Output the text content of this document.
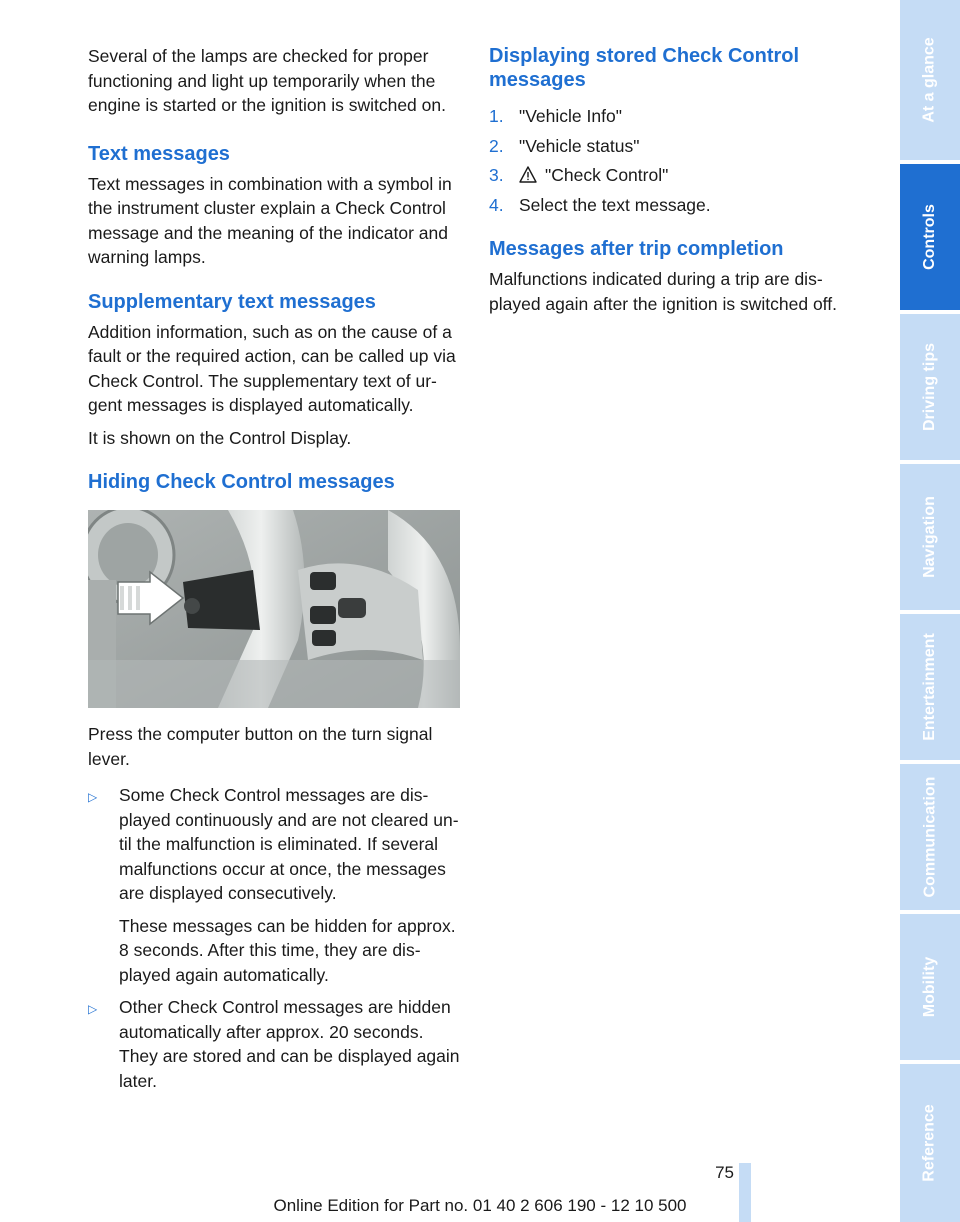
Several of the lamps are checked for proper functioning and light up temporarily when the engine is started or the ignition is switched on.

Text messages

Text messages in combination with a symbol in the instrument cluster explain a Check Control message and the meaning of the indicator and warning lamps.

Supplementary text messages

Addition information, such as on the cause of a fault or the required action, can be called up via Check Control. The supplementary text of ur-gent messages is displayed automatically.

It is shown on the Control Display.

Hiding Check Control messages

Press the computer button on the turn signal lever.

▷ Some Check Control messages are dis-played continuously and are not cleared un-til the malfunction is eliminated. If several malfunctions occur at once, the messages are displayed consecutively.

These messages can be hidden for approx. 8 seconds. After this time, they are dis-played again automatically.

▷ Other Check Control messages are hidden automatically after approx. 20 seconds. They are stored and can be displayed again later.

Displaying stored Check Control messages
1. "Vehicle Info"
2. "Vehicle status"
3. "Check Control"
4. Select the text message.
Messages after trip completion

Malfunctions indicated during a trip are dis-played again after the ignition is switched off.

At a glance
Controls
Driving tips
Navigation
Entertainment
Communication
Mobility
Reference
75
Online Edition for Part no. 01 40 2 606 190 - 12 10 500
